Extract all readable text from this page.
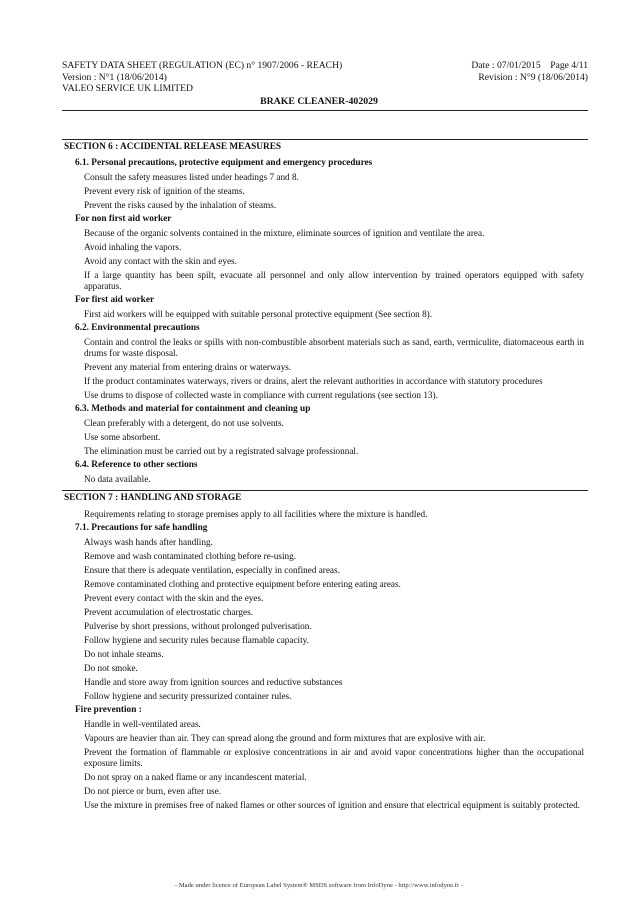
SAFETY DATA SHEET (REGULATION (EC) n° 1907/2006 - REACH)
Version : N°1 (18/06/2014)
VALEO SERVICE UK LIMITED
Date : 07/01/2015    Page 4/11
Revision : N°9 (18/06/2014)
BRAKE CLEANER-402029
SECTION 6 : ACCIDENTAL RELEASE MEASURES
6.1. Personal precautions, protective equipment and emergency procedures
Consult the safety measures listed under headings 7 and 8.
Prevent every risk of ignition of the steams.
Prevent the risks caused by the inhalation of steams.
For non first aid worker
Because of the organic solvents contained in the mixture, eliminate sources of ignition and ventilate the area.
Avoid inhaling the vapors.
Avoid any contact with the skin and eyes.
If a large quantity has been spilt, evacuate all personnel and only allow intervention by trained operators equipped with safety apparatus.
For first aid worker
First aid workers will be equipped with suitable personal protective equipment (See section 8).
6.2. Environmental precautions
Contain and control the leaks or spills with non-combustible absorbent materials such as sand, earth, vermiculite, diatomaceous earth in drums for waste disposal.
Prevent any material from entering drains or waterways.
If the product contaminates waterways, rivers or drains, alert the relevant authorities in accordance with statutory procedures
Use drums to dispose of collected waste in compliance with current regulations (see section 13).
6.3. Methods and material for containment and cleaning up
Clean preferably with a detergent, do not use solvents.
Use some absorbent.
The elimination must be carried out by a registrated salvage professionnal.
6.4. Reference to other sections
No data available.
SECTION 7 : HANDLING AND STORAGE
Requirements relating to storage premises apply to all facilities where the mixture is handled.
7.1. Precautions for safe handling
Always wash hands after handling.
Remove and wash contaminated clothing before re-using.
Ensure that there is adequate ventilation, especially in confined areas.
Remove contaminated clothing and protective equipment before entering eating areas.
Prevent every contact with the skin and the eyes.
Prevent accumulation of electrostatic charges.
Pulverise by short pressions, without prolonged pulverisation.
Follow hygiene and security rules because flamable capacity.
Do not inhale steams.
Do not smoke.
Handle and store away from ignition sources and reductive substances
Follow hygiene and security pressurized container rules.
Fire prevention :
Handle in well-ventilated areas.
Vapours are heavier than air. They can spread along the ground and form mixtures that are explosive with air.
Prevent the formation of flammable or explosive concentrations in air and avoid vapor concentrations higher than the occupational exposure limits.
Do not spray on a naked flame or any incandescent material.
Do not pierce or burn, even after use.
Use the mixture in premises free of naked flames or other sources of ignition and ensure that electrical equipment is suitably protected.
- Made under licence of European Label System® MSDS software from InfoDyne - http://www.infodyne.fr -
